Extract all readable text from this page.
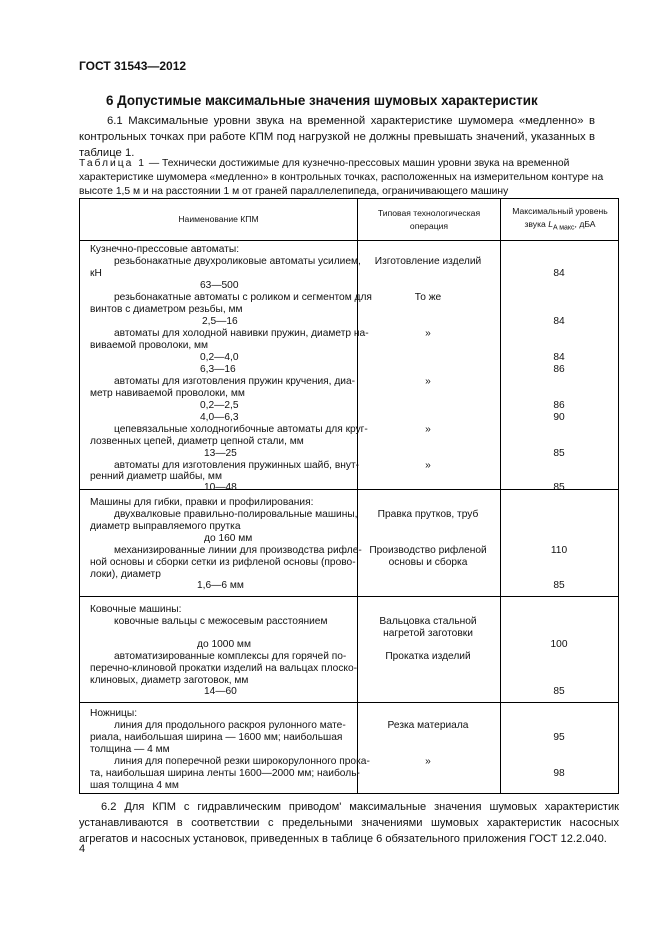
ГОСТ 31543—2012
6 Допустимые максимальные значения шумовых характеристик
6.1 Максимальные уровни звука на временной характеристике шумомера «медленно» в контрольных точках при работе КПМ под нагрузкой не должны превышать значений, указанных в таблице 1.
Таблица 1 — Технически достижимые для кузнечно-прессовых машин уровни звука на временной характеристике шумомера «медленно» в контрольных точках, расположенных на измерительном контуре на высоте 1,5 м и на расстоянии 1 м от граней параллелепипеда, ограничивающего машину
Наименование КПМ
Типовая технологическая операция
Максимальный уровень звука $L_{A макс}$, дБА
Кузнечно-прессовые автоматы:
резьбонакатные двухроликовые автоматы усилием,
кН
63—500
Изготовление изделий
84
резьбонакатные автоматы с роликом и сегментом для
винтов с диаметром резьбы, мм
2,5—16
То же
84
автоматы для холодной навивки пружин, диаметр на-
виваемой проволоки, мм
0,2—4,0
6,3—16
»
84
86
автоматы для изготовления пружин кручения, диа-
метр навиваемой проволоки, мм
0,2—2,5
4,0—6,3
»
86
90
цепевязальные холодногибочные автоматы для круг-
лозвенных цепей, диаметр цепной стали, мм
13—25
»
85
автоматы для изготовления пружинных шайб, внут-
ренний диаметр шайбы, мм
10—48
»
85
Машины для гибки, правки и профилирования:
двухвалковые правильно-полировальные машины,
диаметр выправляемого прутка
до 160 мм
Правка прутков, труб
110
механизированные линии для производства рифле-
ной основы и сборки сетки из рифленой основы (прово-
локи), диаметр
1,6—6 мм
Производство рифленой
основы и сборка
85
Ковочные машины:
ковочные вальцы с межосевым расстоянием
до 1000 мм
Вальцовка стальной
нагретой заготовки
100
автоматизированные комплексы для горячей по-
перечно-клиновой прокатки изделий на вальцах плоско-
клиновых, диаметр заготовок, мм
14—60
Прокатка изделий
85
Ножницы:
линия для продольного раскроя рулонного мате-
риала, наибольшая ширина — 1600 мм; наибольшая
толщина — 4 мм
Резка материала
95
линия для поперечной резки широкорулонного прока-
та, наибольшая ширина ленты 1600—2000 мм; наиболь-
шая толщина 4 мм
»
98
6.2 Для КПМ с гидравлическим приводом' максимальные значения шумовых характеристик устанавливаются в соответствии с предельными значениями шумовых характеристик насосных агрегатов и насосных установок, приведенных в таблице 6 обязательного приложения ГОСТ 12.2.040.
4
